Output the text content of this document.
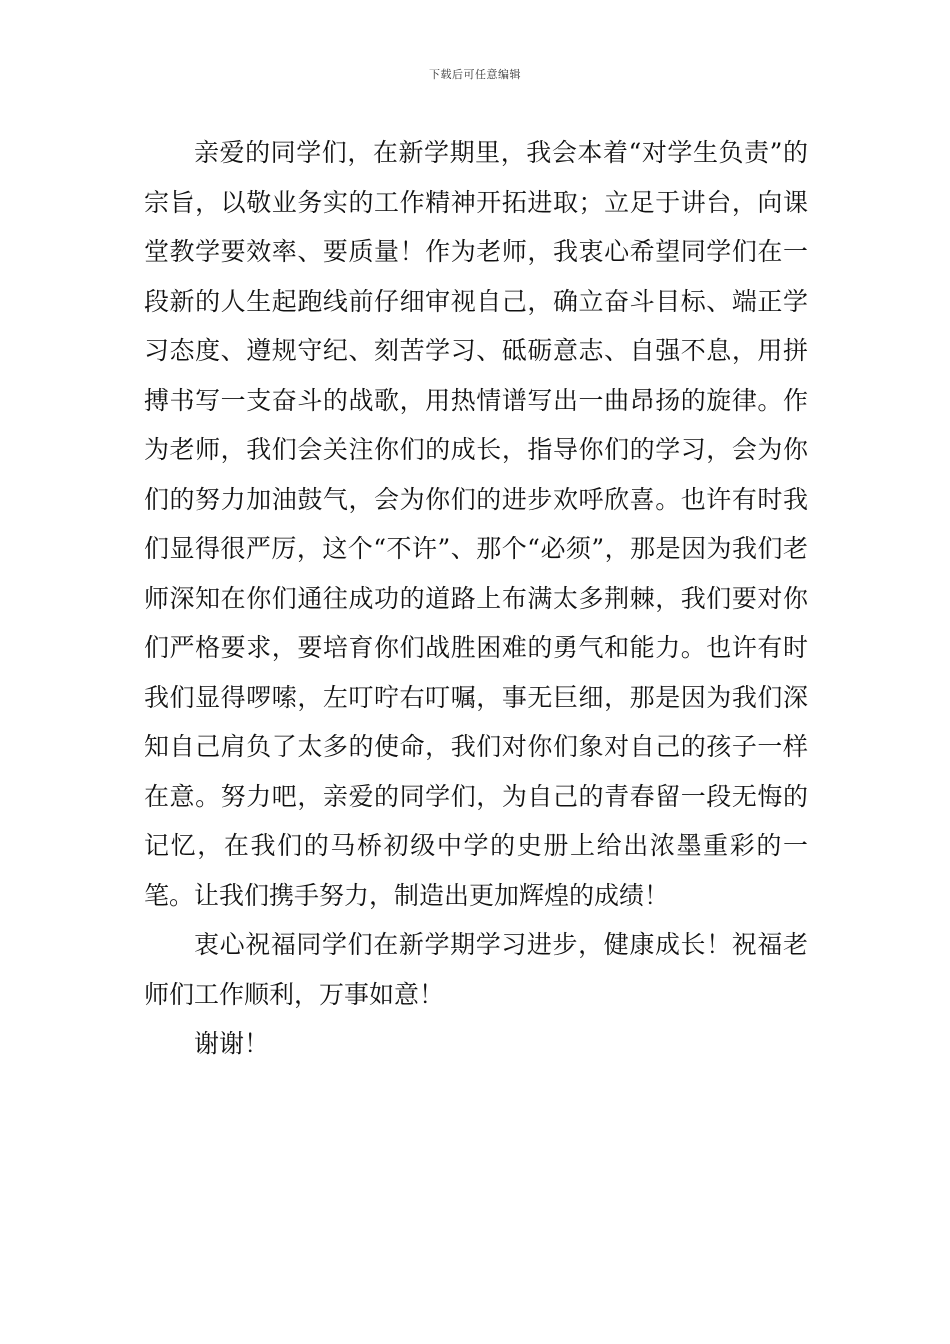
下载后可任意编辑

亲爱的同学们，在新学期里，我会本着“对学生负责”的宗旨，以敬业务实的工作精神开拓进取；立足于讲台，向课堂教学要效率、要质量！作为老师，我衷心希望同学们在一段新的人生起跑线前仔细审视自己，确立奋斗目标、端正学习态度、遵规守纪、刻苦学习、砥砺意志、自强不息，用拼搏书写一支奋斗的战歌，用热情谱写出一曲昂扬的旋律。作为老师，我们会关注你们的成长，指导你们的学习，会为你们的努力加油鼓气，会为你们的进步欢呼欣喜。也许有时我们显得很严厉，这个“不许”、那个“必须”，那是因为我们老师深知在你们通往成功的道路上布满太多荆棘，我们要对你们严格要求，要培育你们战胜困难的勇气和能力。也许有时我们显得啰嗦，左叮咛右叮嘱，事无巨细，那是因为我们深知自己肩负了太多的使命，我们对你们象对自己的孩子一样在意。努力吧，亲爱的同学们，为自己的青春留一段无悔的记忆，在我们的马桥初级中学的史册上给出浓墨重彩的一笔。让我们携手努力，制造出更加辉煌的成绩！

衷心祝福同学们在新学期学习进步，健康成长！祝福老师们工作顺利，万事如意！

谢谢！
